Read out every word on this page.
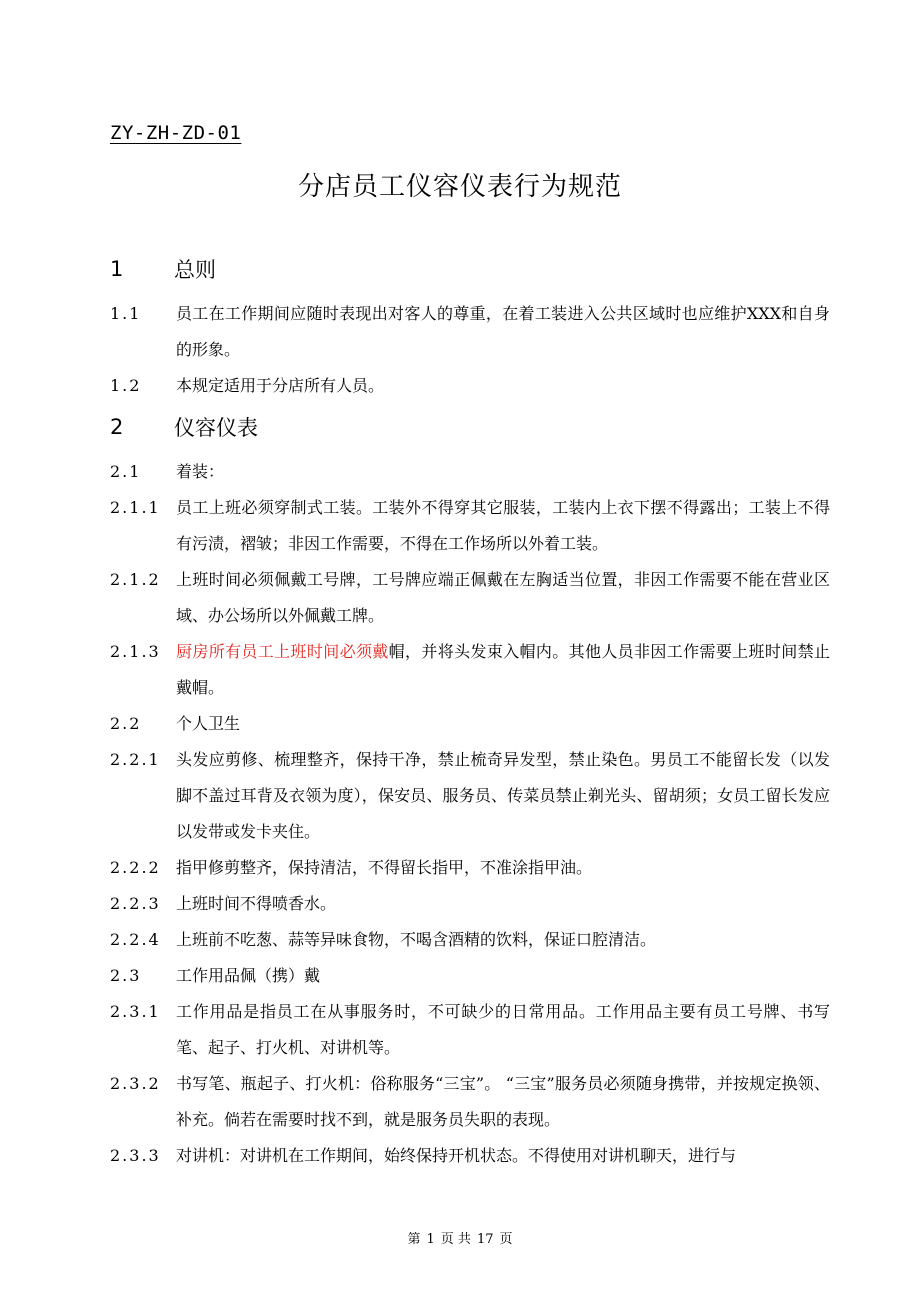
ZY-ZH-ZD-01
分店员工仪容仪表行为规范
1	总则
1.1	员工在工作期间应随时表现出对客人的尊重，在着工装进入公共区域时也应维护XXX和自身的形象。
1.2	本规定适用于分店所有人员。
2	仪容仪表
2.1	着装：
2.1.1 员工上班必须穿制式工装。工装外不得穿其它服装，工装内上衣下摆不得露出；工装上不得有污渍，褶皱；非因工作需要，不得在工作场所以外着工装。
2.1.2 上班时间必须佩戴工号牌，工号牌应端正佩戴在左胸适当位置，非因工作需要不能在营业区域、办公场所以外佩戴工牌。
2.1.3 厨房所有员工上班时间必须戴帽，并将头发束入帽内。其他人员非因工作需要上班时间禁止戴帽。
2.2	个人卫生
2.2.1 头发应剪修、梳理整齐，保持干净，禁止梳奇异发型，禁止染色。男员工不能留长发（以发脚不盖过耳背及衣领为度），保安员、服务员、传菜员禁止剃光头、留胡须；女员工留长发应以发带或发卡夹住。
2.2.2 指甲修剪整齐，保持清洁，不得留长指甲，不准涂指甲油。
2.2.3 上班时间不得喷香水。
2.2.4 上班前不吃葱、蒜等异味食物，不喝含酒精的饮料，保证口腔清洁。
2.3	工作用品佩（携）戴
2.3.1 工作用品是指员工在从事服务时，不可缺少的日常用品。工作用品主要有员工号牌、书写笔、起子、打火机、对讲机等。
2.3.2 书写笔、瓶起子、打火机：俗称服务“三宝”。 “三宝”服务员必须随身携带，并按规定换领、补充。倘若在需要时找不到，就是服务员失职的表现。
2.3.3 对讲机：对讲机在工作期间，始终保持开机状态。不得使用对讲机聊天，进行与
第 1 页 共 17 页
